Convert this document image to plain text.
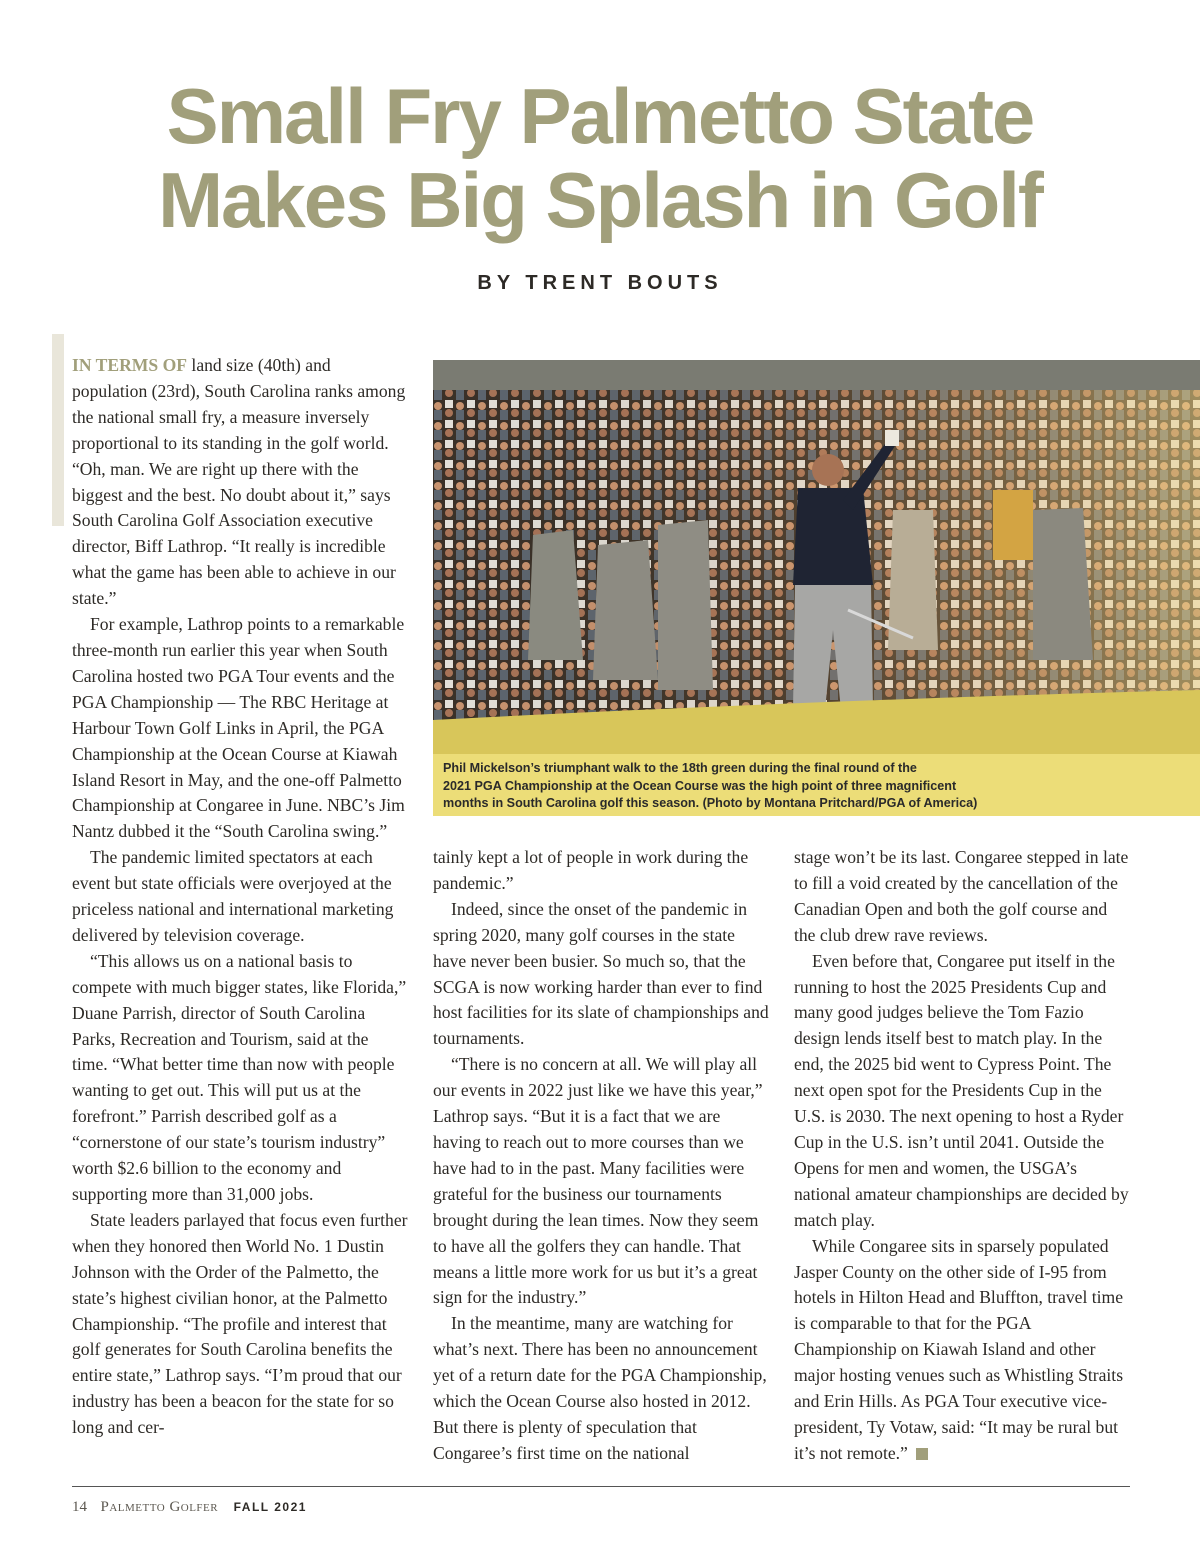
Small Fry Palmetto State
Makes Big Splash in Golf
BY TRENT BOUTS

IN TERMS OF land size (40th) and population (23rd), South Carolina ranks among the national small fry, a measure inversely proportional to its standing in the golf world. “Oh, man. We are right up there with the biggest and the best. No doubt about it,” says South Carolina Golf Association executive director, Biff Lathrop. “It really is incredible what the game has been able to achieve in our state.”

For example, Lathrop points to a remarkable three-month run earlier this year when South Carolina hosted two PGA Tour events and the PGA Championship — The RBC Heritage at Harbour Town Golf Links in April, the PGA Championship at the Ocean Course at Kiawah Island Resort in May, and the one-off Palmetto Championship at Congaree in June. NBC’s Jim Nantz dubbed it the “South Carolina swing.”

The pandemic limited spectators at each event but state officials were overjoyed at the priceless national and international marketing delivered by television coverage.

“This allows us on a national basis to compete with much bigger states, like Florida,” Duane Parrish, director of South Carolina Parks, Recreation and Tourism, said at the time. “What better time than now with people wanting to get out. This will put us at the forefront.” Parrish described golf as a “cornerstone of our state’s tourism industry” worth $2.6 billion to the economy and supporting more than 31,000 jobs.

State leaders parlayed that focus even further when they honored then World No. 1 Dustin Johnson with the Order of the Palmetto, the state’s highest civilian honor, at the Palmetto Championship. “The profile and interest that golf generates for South Carolina benefits the entire state,” Lathrop says. “I’m proud that our industry has been a beacon for the state for so long and cer-

Phil Mickelson’s triumphant walk to the 18th green during the final round of the
2021 PGA Championship at the Ocean Course was the high point of three magnificent
months in South Carolina golf this season. (Photo by Montana Pritchard/PGA of America)

tainly kept a lot of people in work during the pandemic.”

Indeed, since the onset of the pandemic in spring 2020, many golf courses in the state have never been busier. So much so, that the SCGA is now working harder than ever to find host facilities for its slate of championships and tournaments.

“There is no concern at all. We will play all our events in 2022 just like we have this year,” Lathrop says. “But it is a fact that we are having to reach out to more courses than we have had to in the past. Many facilities were grateful for the business our tournaments brought during the lean times. Now they seem to have all the golfers they can handle. That means a little more work for us but it’s a great sign for the industry.”

In the meantime, many are watching for what’s next. There has been no announcement yet of a return date for the PGA Championship, which the Ocean Course also hosted in 2012. But there is plenty of speculation that Congaree’s first time on the national

stage won’t be its last. Congaree stepped in late to fill a void created by the cancellation of the Canadian Open and both the golf course and the club drew rave reviews.

Even before that, Congaree put itself in the running to host the 2025 Presidents Cup and many good judges believe the Tom Fazio design lends itself best to match play. In the end, the 2025 bid went to Cypress Point. The next open spot for the Presidents Cup in the U.S. is 2030. The next opening to host a Ryder Cup in the U.S. isn’t until 2041. Outside the Opens for men and women, the USGA’s national amateur championships are decided by match play.

While Congaree sits in sparsely populated Jasper County on the other side of I-95 from hotels in Hilton Head and Bluffton, travel time is comparable to that for the PGA Championship on Kiawah Island and other major hosting venues such as Whistling Straits and Erin Hills. As PGA Tour executive vice-president, Ty Votaw, said: “It may be rural but it’s not remote.”

14 Palmetto Golfer FALL 2021
